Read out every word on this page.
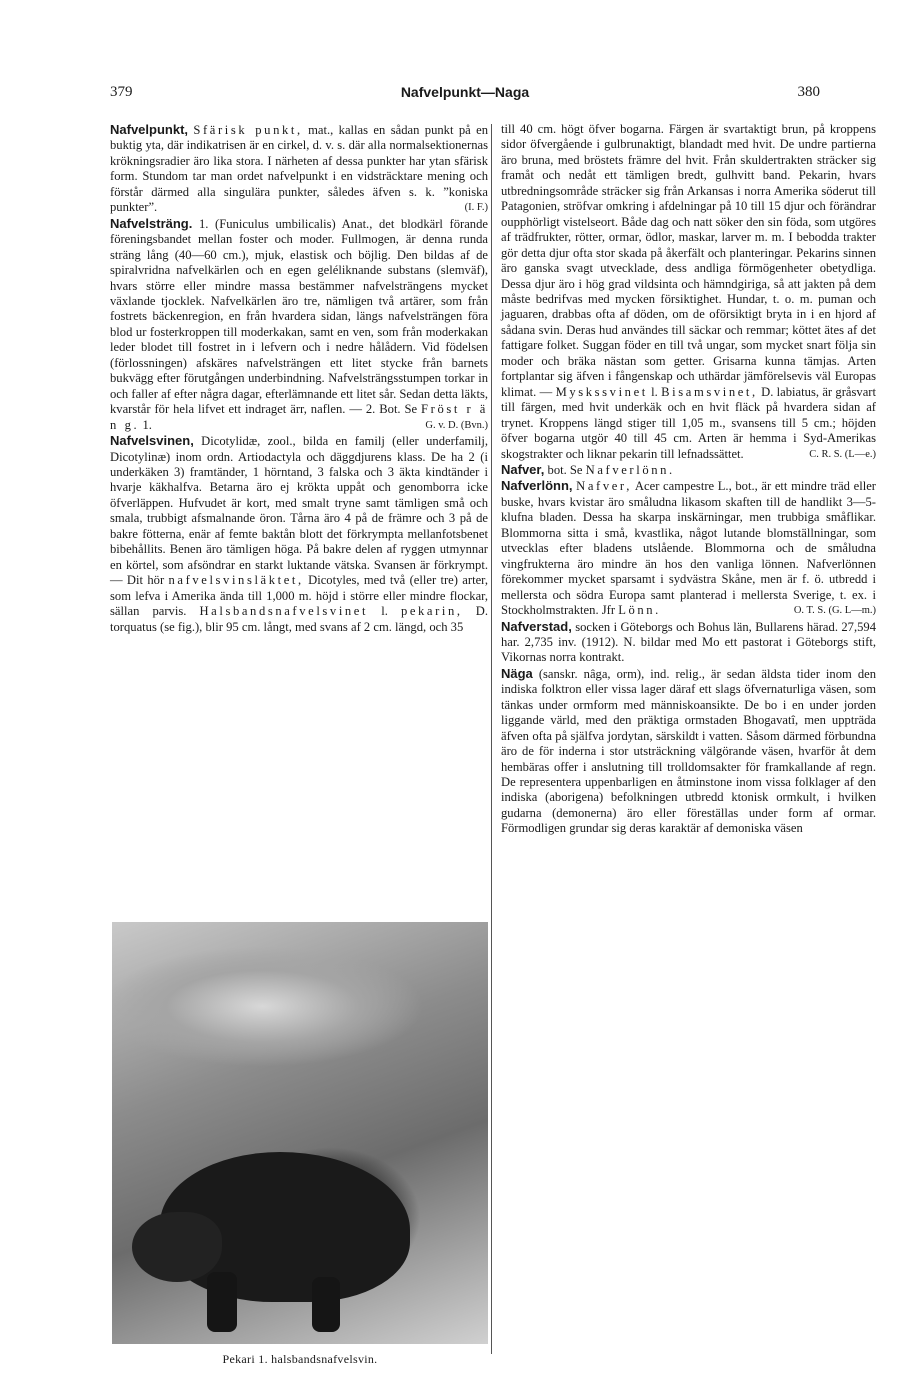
379	Nafvelpunkt—Naga	380

Nafvelpunkt, Sfärisk punkt, mat., kallas en sådan punkt på en buktig yta, där indikatrisen är en cirkel, d. v. s. där alla normalsektionernas krökningsradier äro lika stora. I närheten af dessa punkter har ytan sfärisk form. Stundom tar man ordet nafvelpunkt i en vidsträcktare mening och förstår därmed alla singulära punkter, således äfven s. k. ”koniska punkter”.	(I. F.)

Nafvelsträng. 1. (Funiculus umbilicalis) Anat., det blodkärl förande föreningsbandet mellan foster och moder. Fullmogen, är denna runda sträng lång (40—60 cm.), mjuk, elastisk och böjlig. Den bildas af de spiralvridna nafvelkärlen och en egen geléliknande substans (slemväf), hvars större eller mindre massa bestämmer nafvelsträngens mycket växlande tjocklek. Nafvelkärlen äro tre, nämligen två artärer, som från fostrets bäckenregion, en från hvardera sidan, längs nafvelsträngen föra blod ur fosterkroppen till moderkakan, samt en ven, som från moderkakan leder blodet till fostret in i lefvern och i nedre hålådern. Vid födelsen (förlossningen) afskäres nafvelsträngen ett litet stycke från barnets bukvägg efter förutgången underbindning. Nafvelsträngsstumpen torkar in och faller af efter några dagar, efterlämnande ett litet sår. Sedan detta läkts, kvarstår för hela lifvet ett indraget ärr, naflen. — 2. Bot. Se Fröst r ä n g. 1.	G. v. D. (Bvn.)

Nafvelsvinen, Dicotylidæ, zool., bilda en familj (eller underfamilj, Dicotylinæ) inom ordn. Artiodactyla och däggdjurens klass. De ha 2 (i underkäken 3) framtänder, 1 hörntand, 3 falska och 3 äkta kindtänder i hvarje käkhalfva. Betarna äro ej krökta uppåt och genomborra icke öfverläppen. Hufvudet är kort, med smalt tryne samt tämligen små och smala, trubbigt afsmalnande öron. Tårna äro 4 på de främre och 3 på de bakre fötterna, enär af femte baktån blott det förkrympta mellanfotsbenet bibehållits. Benen äro tämligen höga. På bakre delen af ryggen utmynnar en körtel, som afsöndrar en starkt luktande vätska. Svansen är förkrympt. — Dit hör nafvelsvinsläktet, Dicotyles, med två (eller tre) arter, som lefva i Amerika ända till 1,000 m. höjd i större eller mindre flockar, sällan parvis. Halsbandsnafvelsvinet l. pekarin, D. torquatus (se fig.), blir 95 cm. långt, med svans af 2 cm. längd, och 35

Pekari 1. halsbandsnafvelsvin.

till 40 cm. högt öfver bogarna. Färgen är svartaktigt brun, på kroppens sidor öfvergående i gulbrunaktigt, blandadt med hvit. De undre partierna äro bruna, med bröstets främre del hvit. Från skuldertrakten sträcker sig framåt och nedåt ett tämligen bredt, gulhvitt band. Pekarin, hvars utbredningsområde sträcker sig från Arkansas i norra Amerika söderut till Patagonien, ströfvar omkring i afdelningar på 10 till 15 djur och förändrar oupphörligt vistelseort. Både dag och natt söker den sin föda, som utgöres af trädfrukter, rötter, ormar, ödlor, maskar, larver m. m. I bebodda trakter gör detta djur ofta stor skada på åkerfält och planteringar. Pekarins sinnen äro ganska svagt utvecklade, dess andliga förmögenheter obetydliga. Dessa djur äro i hög grad vildsinta och hämndgiriga, så att jakten på dem måste bedrifvas med mycken försiktighet. Hundar, t. o. m. puman och jaguaren, drabbas ofta af döden, om de oförsiktigt bryta in i en hjord af sådana svin. Deras hud användes till säckar och remmar; köttet ätes af det fattigare folket. Suggan föder en till två ungar, som mycket snart följa sin moder och bräka nästan som getter. Grisarna kunna tämjas. Arten fortplantar sig äfven i fångenskap och uthärdar jämförelsevis väl Europas klimat. — Myskssvinet l. Bisamsvinet, D. labiatus, är gråsvart till färgen, med hvit underkäk och en hvit fläck på hvardera sidan af trynet. Kroppens längd stiger till 1,05 m., svansens till 5 cm.; höjden öfver bogarna utgör 40 till 45 cm. Arten är hemma i Syd-Amerikas skogstrakter och liknar pekarin till lefnadssättet.	C. R. S. (L—e.)

Nafver, bot. Se Nafverlönn.

Nafverlönn, Nafver, Acer campestre L., bot., är ett mindre träd eller buske, hvars kvistar äro småludna likasom skaften till de handlikt 3—5-klufna bladen. Dessa ha skarpa inskärningar, men trubbiga småflikar. Blommorna sitta i små, kvastlika, något lutande blomställningar, som utvecklas efter bladens utslående. Blommorna och de småludna vingfrukterna äro mindre än hos den vanliga lönnen. Nafverlönnen förekommer mycket sparsamt i sydvästra Skåne, men är f. ö. utbredd i mellersta och södra Europa samt planterad i mellersta Sverige, t. ex. i Stockholmstrakten. Jfr Lönn.	O. T. S. (G. L—m.)

Nafverstad, socken i Göteborgs och Bohus län, Bullarens härad. 27,594 har. 2,735 inv. (1912). N. bildar med Mo ett pastorat i Göteborgs stift, Vikornas norra kontrakt.

Näga (sanskr. nâga, orm), ind. relig., är sedan äldsta tider inom den indiska folktron eller vissa lager däraf ett slags öfvernaturliga väsen, som tänkas under ormform med människoansikte. De bo i en under jorden liggande värld, med den präktiga ormstaden Bhogavatî, men uppträda äfven ofta på själfva jordytan, särskildt i vatten. Såsom därmed förbundna äro de för inderna i stor utsträckning välgörande väsen, hvarför åt dem hembäras offer i anslutning till trolldomsakter för framkallande af regn. De representera uppenbarligen en åtminstone inom vissa folklager af den indiska (aborigena) befolkningen utbredd ktonisk ormkult, i hvilken gudarna (demonerna) äro eller föreställas under form af ormar. Förmodligen grundar sig deras karaktär af demoniska väsen
